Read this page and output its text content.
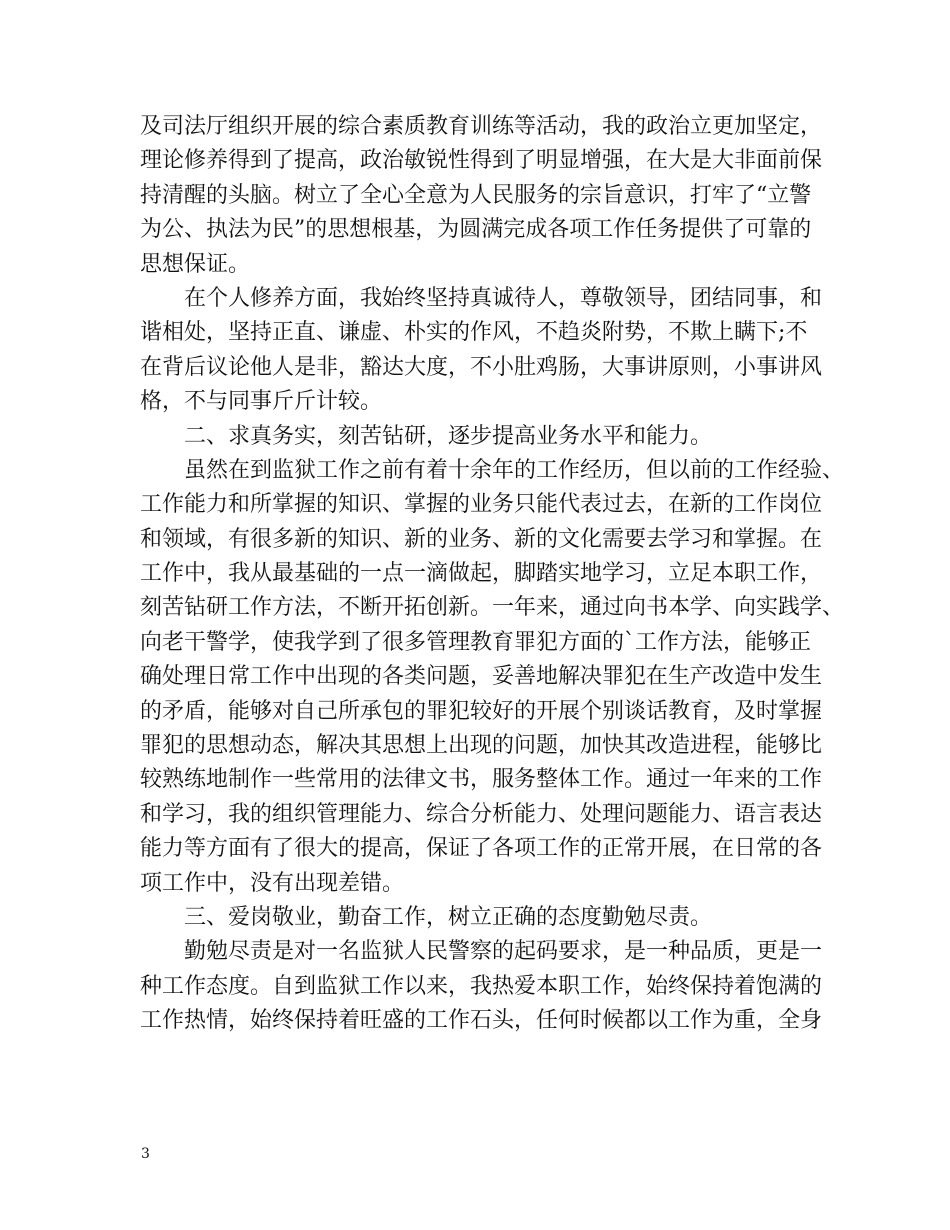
及司法厅组织开展的综合素质教育训练等活动，我的政治立更加坚定，
理论修养得到了提高，政治敏锐性得到了明显增强，在大是大非面前保
持清醒的头脑。树立了全心全意为人民服务的宗旨意识，打牢了“立警
为公、执法为民”的思想根基，为圆满完成各项工作任务提供了可靠的
思想保证。
在个人修养方面，我始终坚持真诚待人，尊敬领导，团结同事，和
谐相处，坚持正直、谦虚、朴实的作风，不趋炎附势，不欺上瞒下;不
在背后议论他人是非，豁达大度，不小肚鸡肠，大事讲原则，小事讲风
格，不与同事斤斤计较。
二、求真务实，刻苦钻研，逐步提高业务水平和能力。
虽然在到监狱工作之前有着十余年的工作经历，但以前的工作经验、
工作能力和所掌握的知识、掌握的业务只能代表过去，在新的工作岗位
和领域，有很多新的知识、新的业务、新的文化需要去学习和掌握。在
工作中，我从最基础的一点一滴做起，脚踏实地学习，立足本职工作，
刻苦钻研工作方法，不断开拓创新。一年来，通过向书本学、向实践学、
向老干警学，使我学到了很多管理教育罪犯方面的`工作方法，能够正
确处理日常工作中出现的各类问题，妥善地解决罪犯在生产改造中发生
的矛盾，能够对自己所承包的罪犯较好的开展个别谈话教育，及时掌握
罪犯的思想动态，解决其思想上出现的问题，加快其改造进程，能够比
较熟练地制作一些常用的法律文书，服务整体工作。通过一年来的工作
和学习，我的组织管理能力、综合分析能力、处理问题能力、语言表达
能力等方面有了很大的提高，保证了各项工作的正常开展，在日常的各
项工作中，没有出现差错。
三、爱岗敬业，勤奋工作，树立正确的态度勤勉尽责。
勤勉尽责是对一名监狱人民警察的起码要求，是一种品质，更是一
种工作态度。自到监狱工作以来，我热爱本职工作，始终保持着饱满的
工作热情，始终保持着旺盛的工作石头，任何时候都以工作为重，全身
3
